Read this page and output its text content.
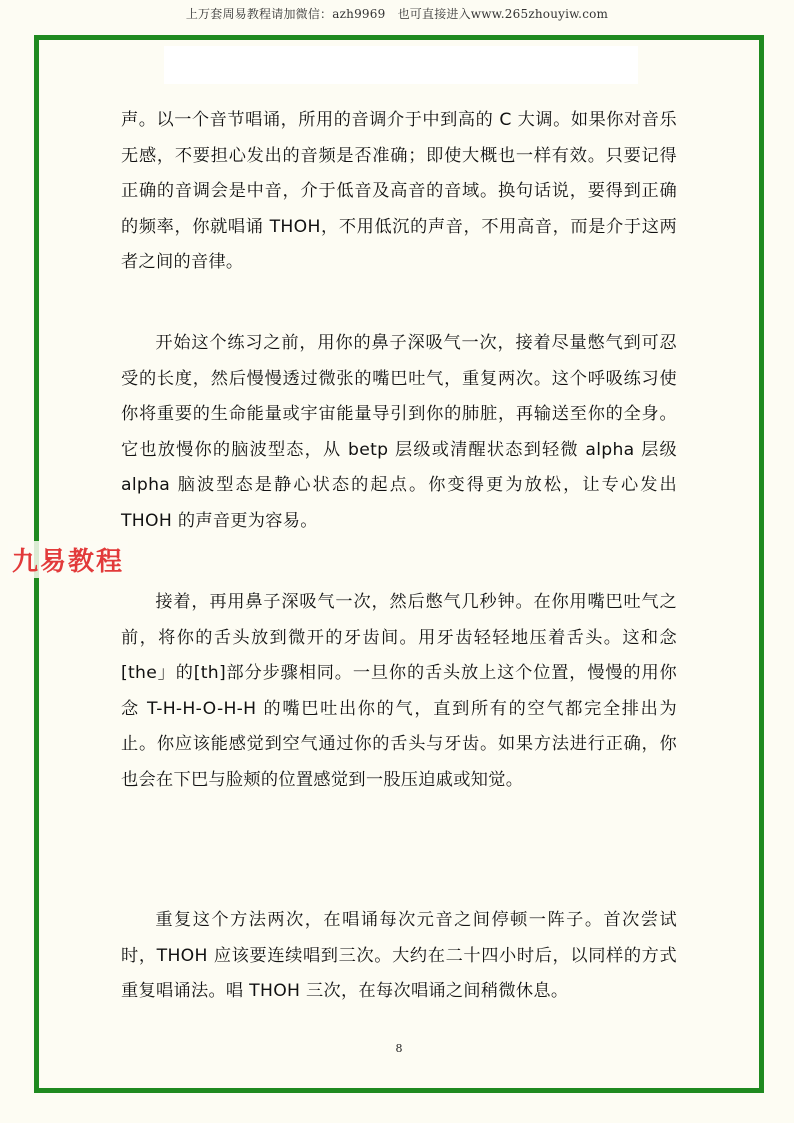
上万套周易教程请加微信：azh9969　也可直接进入www.265zhouyiw.com

声。以一个音节唱诵，所用的音调介于中到高的 C 大调。如果你对音乐无感，不要担心发出的音频是否准确；即使大概也一样有效。只要记得正确的音调会是中音，介于低音及高音的音域。换句话说，要得到正确的频率，你就唱诵 THOH，不用低沉的声音，不用高音，而是介于这两者之间的音律。

开始这个练习之前，用你的鼻子深吸气一次，接着尽量憋气到可忍受的长度，然后慢慢透过微张的嘴巴吐气，重复两次。这个呼吸练习使你将重要的生命能量或宇宙能量导引到你的肺脏，再输送至你的全身。它也放慢你的脑波型态，从 betp 层级或清醒状态到轻微 alpha 层级 alpha 脑波型态是静心状态的起点。你变得更为放松，让专心发出 THOH 的声音更为容易。

接着，再用鼻子深吸气一次，然后憋气几秒钟。在你用嘴巴吐气之前，将你的舌头放到微开的牙齿间。用牙齿轻轻地压着舌头。这和念[the」的[th]部分步骤相同。一旦你的舌头放上这个位置，慢慢的用你念 T-H-H-O-H-H 的嘴巴吐出你的气，直到所有的空气都完全排出为止。你应该能感觉到空气通过你的舌头与牙齿。如果方法进行正确，你也会在下巴与脸颊的位置感觉到一股压迫戚或知觉。

重复这个方法两次，在唱诵每次元音之间停顿一阵子。首次尝试时，THOH 应该要连续唱到三次。大约在二十四小时后，以同样的方式重复唱诵法。唱 THOH 三次，在每次唱诵之间稍微休息。

8
九易教程
